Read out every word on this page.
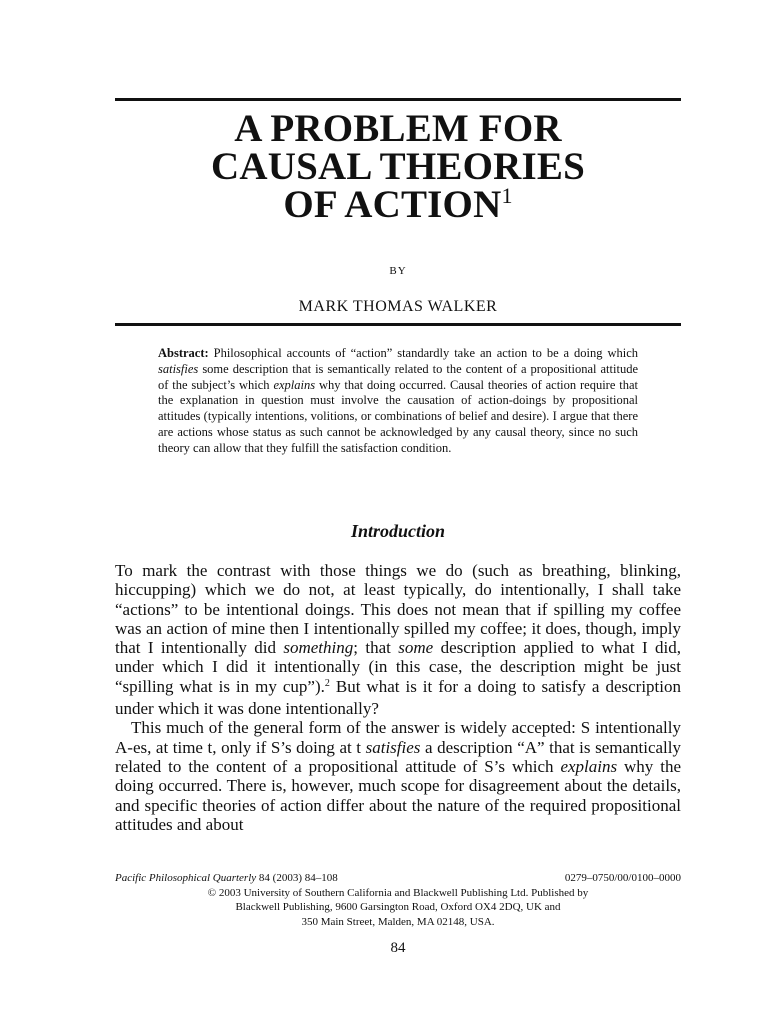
A PROBLEM FOR
CAUSAL THEORIES
OF ACTION$^1$
BY
MARK THOMAS WALKER

Abstract: Philosophical accounts of “action” standardly take an action to be a doing which satisfies some description that is semantically related to the content of a propositional attitude of the subject’s which explains why that doing occurred. Causal theories of action require that the explanation in question must involve the causation of action-doings by propositional attitudes (typically intentions, volitions, or combinations of belief and desire). I argue that there are actions whose status as such cannot be acknowledged by any causal theory, since no such theory can allow that they fulfill the satisfaction condition.

Introduction

To mark the contrast with those things we do (such as breathing, blinking, hiccupping) which we do not, at least typically, do intentionally, I shall take “actions” to be intentional doings. This does not mean that if spilling my coffee was an action of mine then I intentionally spilled my coffee; it does, though, imply that I intentionally did something; that some description applied to what I did, under which I did it intentionally (in this case, the description might be just “spilling what is in my cup”).$^2$ But what is it for a doing to satisfy a description under which it was done intentionally?

This much of the general form of the answer is widely accepted: S intentionally A-es, at time t, only if S’s doing at t satisfies a description “A” that is semantically related to the content of a propositional attitude of S’s which explains why the doing occurred. There is, however, much scope for disagreement about the details, and specific theories of action differ about the nature of the required propositional attitudes and about

Pacific Philosophical Quarterly 84 (2003) 84–108	0279–0750/00/0100–0000
© 2003 University of Southern California and Blackwell Publishing Ltd. Published by
Blackwell Publishing, 9600 Garsington Road, Oxford OX4 2DQ, UK and
350 Main Street, Malden, MA 02148, USA.
84
